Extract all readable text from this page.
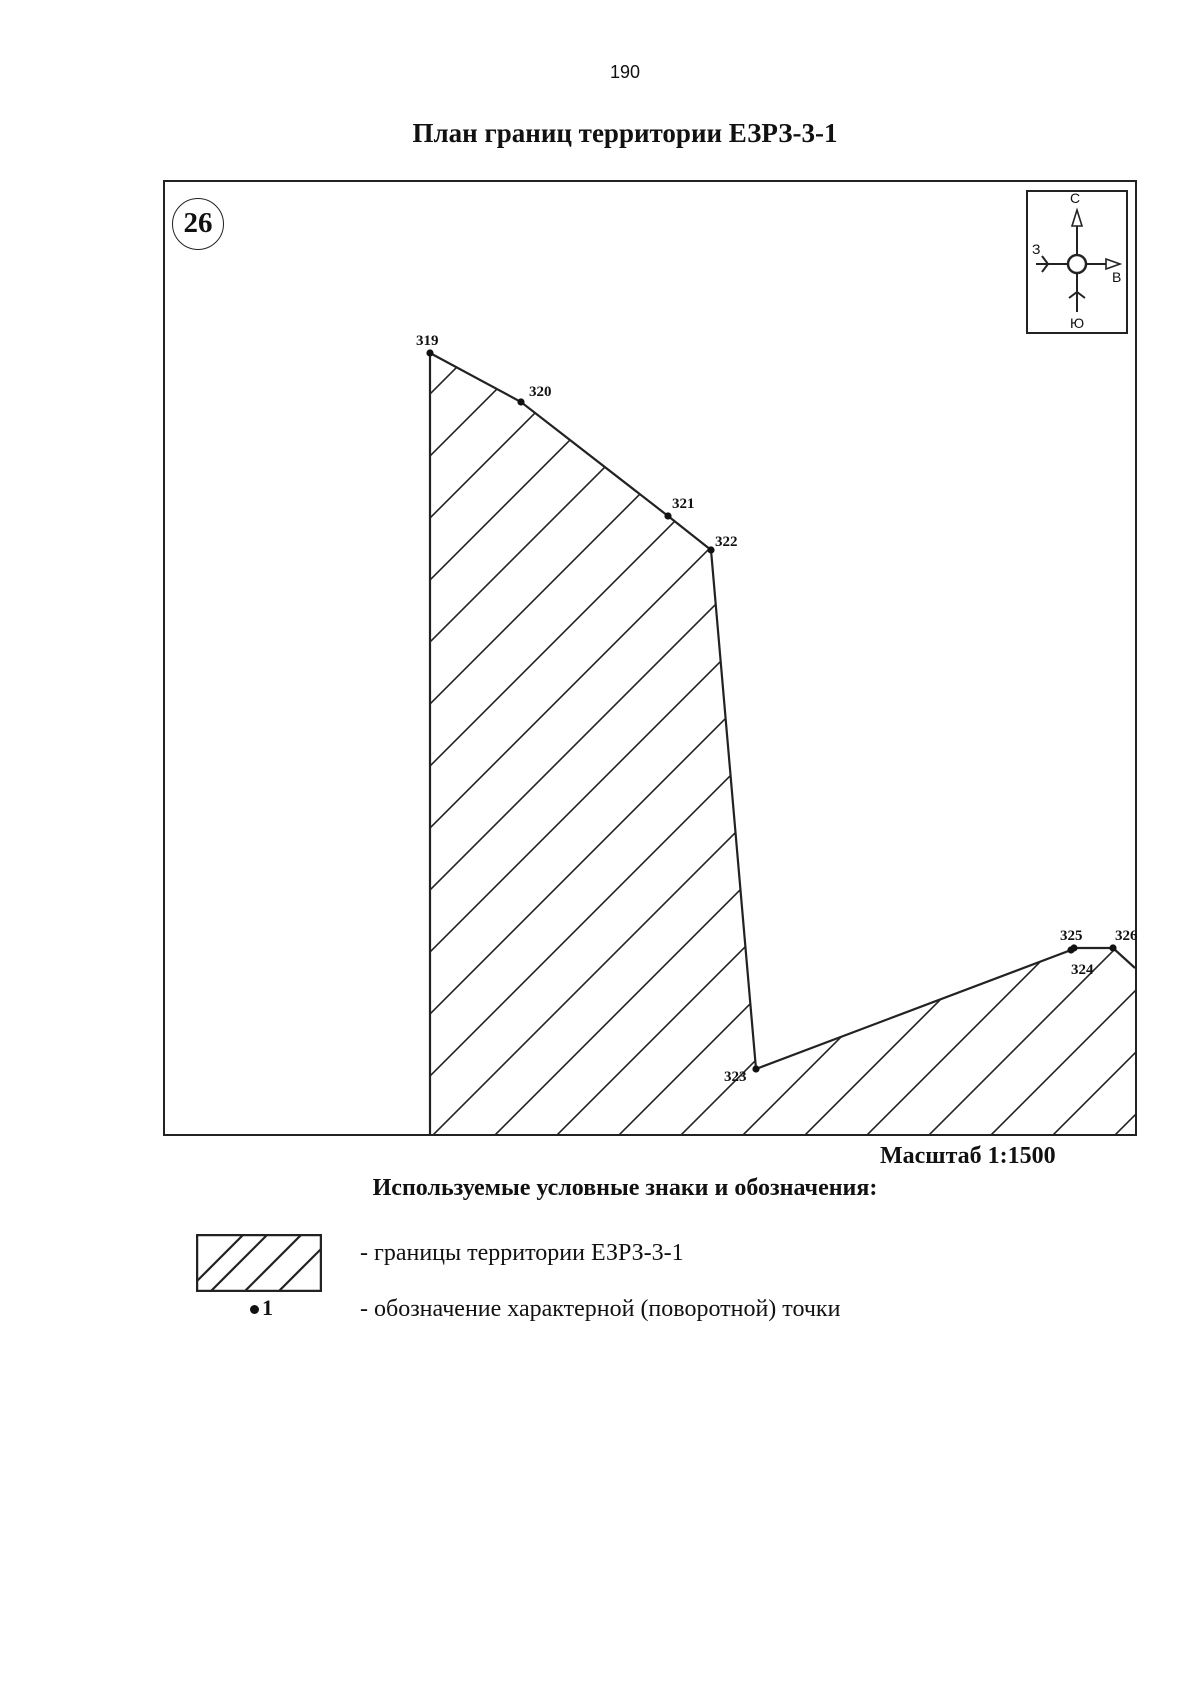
190
План границ территории ЕЗРЗ-3-1
319
320
321
322
323
324
325 326
26
С
З
В
Ю
Масштаб 1:1500
Используемые условные знаки и обозначения:
1
- границы территории ЕЗРЗ-3-1
- обозначение характерной (поворотной) точки
